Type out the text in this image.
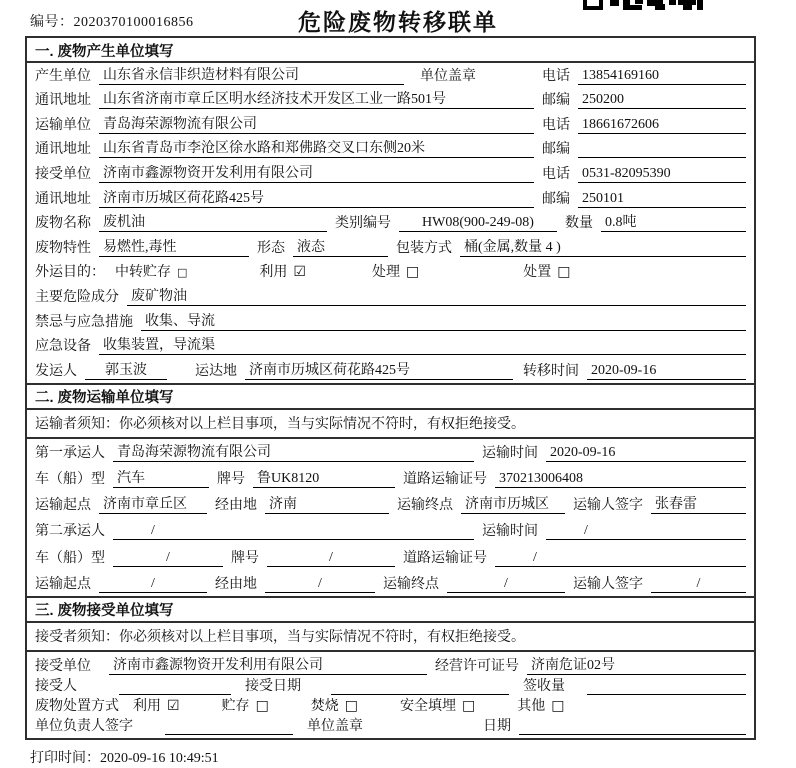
编号：2020370100016856	危险废物转移联单
一. 废物产生单位填写
产生单位 山东省永信非织造材料有限公司	单位盖章	电话 13854169160
通讯地址 山东省济南市章丘区明水经济技术开发区工业一路501号	邮编 250200
运输单位 青岛海荣源物流有限公司	电话 18661672606
通讯地址 山东省青岛市李沧区徐水路和郑佛路交叉口东侧20米	邮编
接受单位 济南市鑫源物资开发利用有限公司	电话 0531-82095390
通讯地址 济南市历城区荷花路425号	邮编 250101
废物名称 废机油	类别编号	HW08(900-249-08)	数量 0.8吨
废物特性 易燃性,毒性	形态 液态	包装方式 桶(金属,数量 4 )
外运目的： 中转贮存 □	利用 ☑	处理 □	处置 □
主要危险成分 废矿物油
禁忌与应急措施 收集、导流
应急设备 收集装置，导流渠
发运人	郭玉波	运达地 济南市历城区荷花路425号	转移时间 2020-09-16
二. 废物运输单位填写
运输者须知：你必须核对以上栏目事项，当与实际情况不符时，有权拒绝接受。
第一承运人 青岛海荣源物流有限公司	运输时间 2020-09-16
车（船）型 汽车	牌号 鲁UK8120	道路运输证号 370213006408
运输起点 济南市章丘区	经由地 济南	运输终点 济南市历城区	运输人签字 张春雷
第二承运人	/	运输时间	/
车（船）型	/	牌号	/	道路运输证号	/
运输起点	/	经由地	/	运输终点	/	运输人签字	/
三. 废物接受单位填写
接受者须知：你必须核对以上栏目事项，当与实际情况不符时，有权拒绝接受。
接受单位 济南市鑫源物资开发利用有限公司	经营许可证号 济南危证02号
接受人	接受日期	签收量
废物处置方式 利用 ☑	贮存 □	焚烧 □	安全填埋 □	其他 □
单位负责人签字	单位盖章	日期
打印时间：2020-09-16 10:49:51
